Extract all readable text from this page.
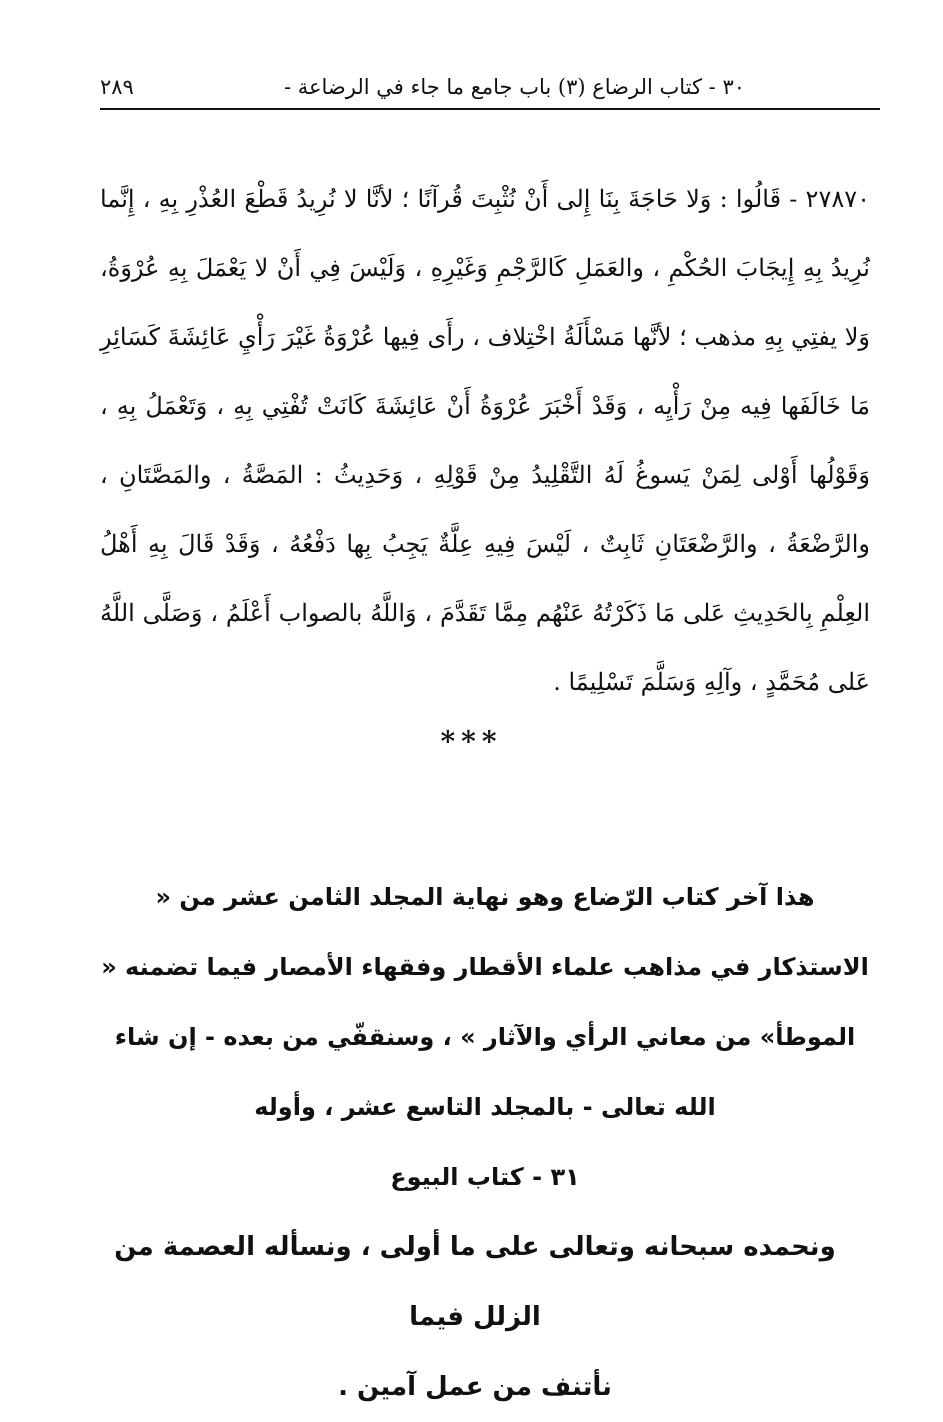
٣٠ - كتاب الرضاع (٣) باب جامع ما جاء في الرضاعة -
٢٨٩

٢٧٨٧٠ - قَالُوا : وَلا حَاجَةَ بِنَا إِلى أَنْ نُثْبِتَ قُرآنًا ؛ لأنَّا لا نُرِيدُ قَطْعَ العُذْرِ بِهِ ، إِنَّما نُرِيدُ بِهِ إِيجَابَ الحُكْمِ ، والعَمَلِ كَالرَّجْمِ وَغَيْرِهِ ، وَلَيْسَ فِي أَنْ لا يَعْمَلَ بِهِ عُرْوَةُ، وَلا يفتِي بِهِ مذهب ؛ لأنَّها مَسْأَلَةُ اخْتِلاف ، رأَى فِيها عُرْوَةُ غَيْرَ رَأْيِ عَائِشَةَ كَسَائِرِ مَا خَالَفَها فِيه مِنْ رَأْيِه ، وَقَدْ أَخْبَرَ عُرْوَةُ أَنْ عَائِشَةَ كَانَتْ تُفْتِي بِهِ ، وَتَعْمَلُ بِهِ ، وَقَوْلُها أَوْلى لِمَنْ يَسوغُ لَهُ التَّقْلِيدُ مِنْ قَوْلِهِ ، وَحَدِيثُ : المَصَّةُ ، والمَصَّتَانِ ، والرَّضْعَةُ ، والرَّضْعَتَانِ ثَابِتٌ ، لَيْسَ فِيهِ عِلَّةٌ يَجِبُ بِها دَفْعُهُ ، وَقَدْ قَالَ بِهِ أَهْلُ العِلْمِ بِالحَدِيثِ عَلى مَا ذَكَرْتُهُ عَنْهُم مِمَّا تَقَدَّمَ ، وَاللَّهُ بالصواب أَعْلَمُ ، وَصَلَّى اللَّهُ عَلى مُحَمَّدٍ ، وآلِهِ وَسَلَّمَ تَسْلِيمًا .

***

هذا آخر كتاب الرّضاع وهو نهاية المجلد الثامن عشر من « الاستذكار في مذاهب علماء الأقطار وفقهاء الأمصار فيما تضمنه « الموطأ» من معاني الرأي والآثار » ، وسنقفّي من بعده - إن شاء الله تعالى - بالمجلد التاسع عشر ، وأوله

٣١ - كتاب البيوع

ونحمده سبحانه وتعالى على ما أولى ، ونسأله العصمة من الزلل فيما

نأتنف من عمل آمين .
